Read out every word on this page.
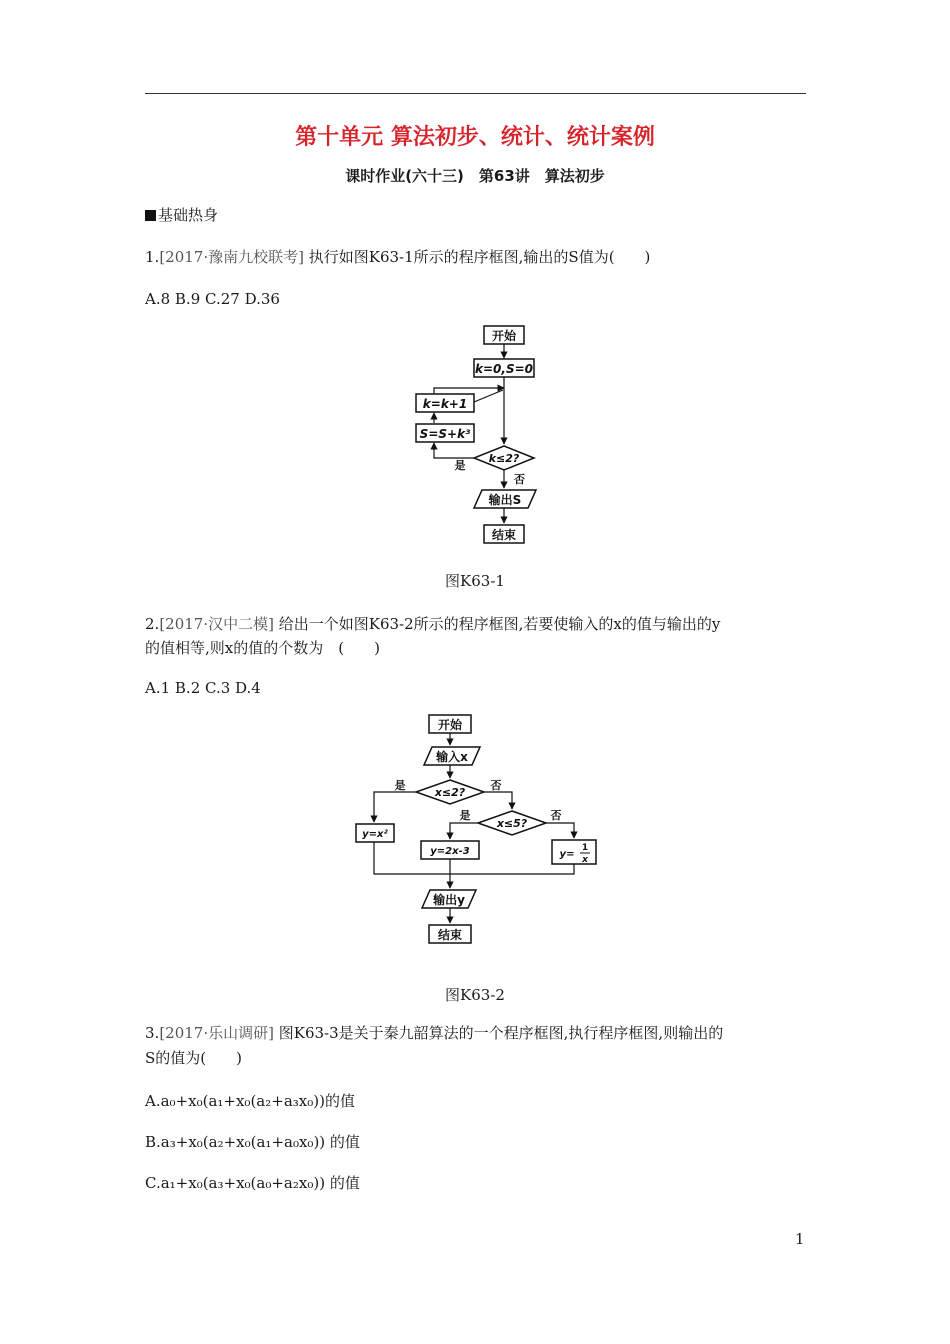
第十单元 算法初步、统计、统计案例
课时作业(六十三)　第63讲　算法初步
基础热身
1.[2017·豫南九校联考] 执行如图K63-1所示的程序框图,输出的S值为(　　)
A.8 B.9 C.27 D.36
开始
k=0,S=0
k=k+1
S=S+k³
是
k≤2?
否
输出S
结束
图K63-1
2.[2017·汉中二模] 给出一个如图K63-2所示的程序框图,若要使输入的x的值与输出的y
的值相等,则x的值的个数为　(　　)
A.1 B.2 C.3 D.4
开始
输入x
x≤2?
是	否
y=x²
x≤5?
是	否
y=2x-3	y=
1
x
输出y
结束
图K63-2
3.[2017·乐山调研] 图K63-3是关于秦九韶算法的一个程序框图,执行程序框图,则输出的
S的值为(　　)
A.a₀+x₀(a₁+x₀(a₂+a₃x₀))的值
B.a₃+x₀(a₂+x₀(a₁+a₀x₀)) 的值
C.a₁+x₀(a₃+x₀(a₀+a₂x₀)) 的值
1
